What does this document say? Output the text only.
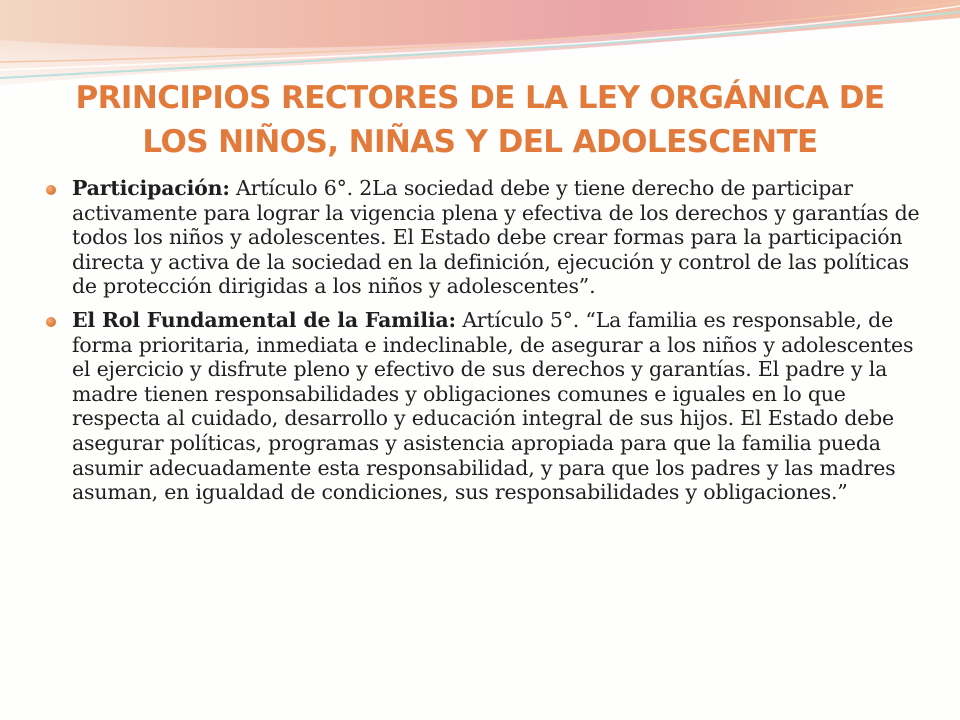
PRINCIPIOS RECTORES DE LA LEY ORGÁNICA DE LOS NIÑOS, NIÑAS Y DEL ADOLESCENTE
Participación: Artículo 6°. 2La sociedad debe y tiene derecho de participar activamente para lograr la vigencia plena y efectiva de los derechos y garantías de todos los niños y adolescentes. El Estado debe crear formas para la participación directa y activa de la sociedad en la definición, ejecución y control de las políticas de protección dirigidas a los niños y adolescentes”.
El Rol Fundamental de la Familia: Artículo 5°. “La familia es responsable, de forma prioritaria, inmediata e indeclinable, de asegurar a los niños y adolescentes el ejercicio y disfrute pleno y efectivo de sus derechos y garantías. El padre y la madre tienen responsabilidades y obligaciones comunes e iguales en lo que respecta al cuidado, desarrollo y educación integral de sus hijos. El Estado debe asegurar políticas, programas y asistencia apropiada para que la familia pueda asumir adecuadamente esta responsabilidad, y para que los padres y las madres asuman, en igualdad de condiciones, sus responsabilidades y obligaciones.”
